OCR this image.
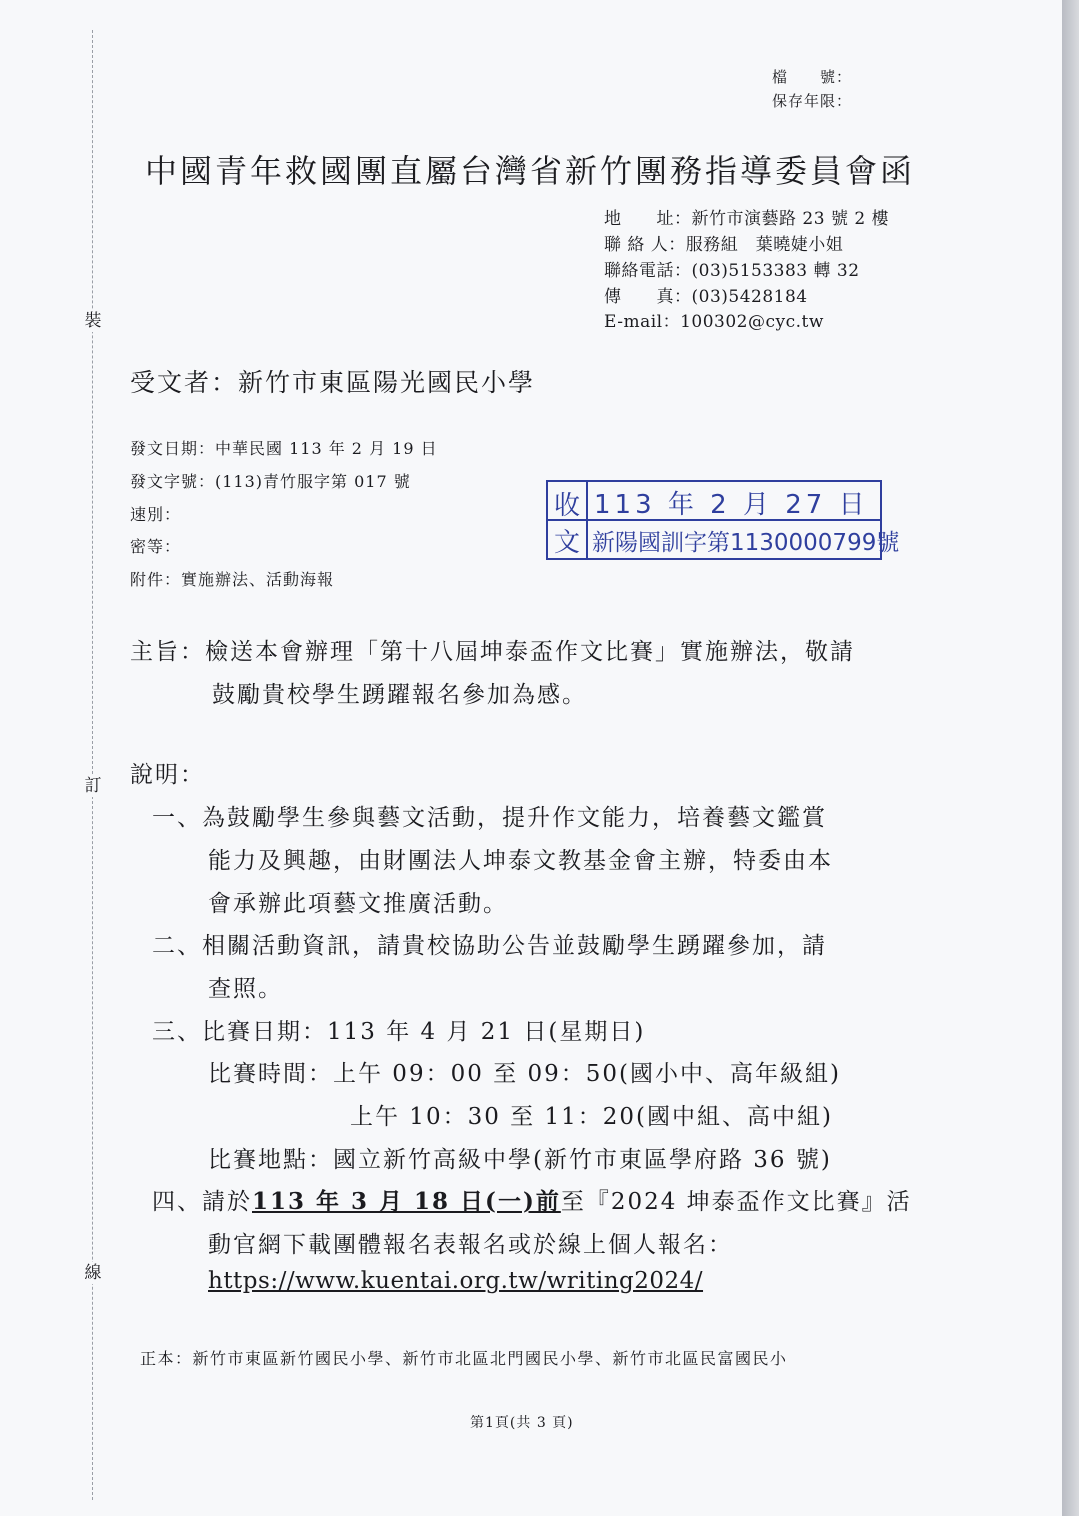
裝
訂
線
檔　　號：
保存年限：
中國青年救國團直屬台灣省新竹團務指導委員會函
地　　址：新竹市演藝路 23 號 2 樓
聯 絡 人：服務組　葉曉婕小姐
聯絡電話：(03)5153383 轉 32
傳　　真：(03)5428184
E-mail：100302@cyc.tw
受文者：新竹市東區陽光國民小學
發文日期：中華民國 113 年 2 月 19 日
發文字號：(113)青竹服字第 017 號
速別：
密等：
附件：實施辦法、活動海報
收
文
113 年 2 月 27 日
新陽國訓字第1130000799號
主旨：檢送本會辦理「第十八屆坤泰盃作文比賽」實施辦法，敬請
鼓勵貴校學生踴躍報名參加為感。
說明：
一、為鼓勵學生參與藝文活動，提升作文能力，培養藝文鑑賞
能力及興趣，由財團法人坤泰文教基金會主辦，特委由本
會承辦此項藝文推廣活動。
二、相關活動資訊，請貴校協助公告並鼓勵學生踴躍參加，請
查照。
三、比賽日期：113 年 4 月 21 日(星期日)
比賽時間：上午 09：00 至 09：50(國小中、高年級組)
上午 10：30 至 11：20(國中組、高中組)
比賽地點：國立新竹高級中學(新竹市東區學府路 36 號)
四、請於113 年 3 月 18 日(一)前至『2024 坤泰盃作文比賽』活
動官網下載團體報名表報名或於線上個人報名：
https://www.kuentai.org.tw/writing2024/
正本：新竹市東區新竹國民小學、新竹市北區北門國民小學、新竹市北區民富國民小
第1頁(共 3 頁)
